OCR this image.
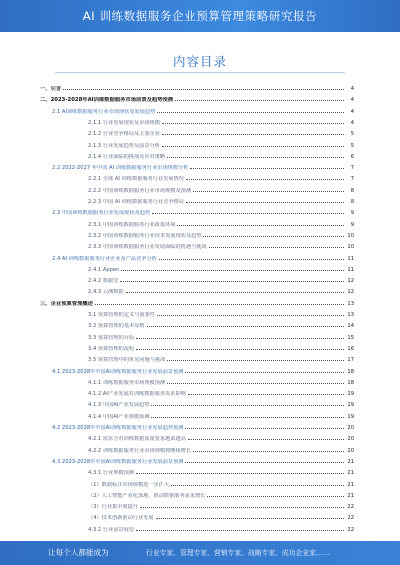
AI 训练数据服务企业预算管理策略研究报告
内容目录
一、引言	4
二、2023-2028年AI训练数据服务市场前景及趋势预测	4
2.1 AI训练数据服务行业市场现状及发展趋势	4
2.1.1 行业发展现状及市场规模	4
2.1.2 行业竞争格局及主要企业	5
2.1.3 行业发展趋势及前景分析	5
2.1.4 行业面临的挑战及应对策略	6
2.2 2022-2027 年中国 AI 训练数据服务行业市场规模分析	7
2.2.1 全球 AI 训练数据服务行业发展情况	7
2.2.2 中国训练数据服务行业市场规模及预测	8
2.2.3 中国 AI 训练数据服务行业竞争格局	8
2.3 中国训练数据服务行业发展现状及趋势	9
2.3.1 中国训练数据服务行业政策环境	9
2.3.2 中国训练数据服务行业技术发展现状及趋势	10
2.3.3 中国训练数据服务行业发展面临的机遇与挑战	10
2.4 AI 训练数据服务行业企业及产品竞争分析	11
2.4.1 Appen	11
2.4.2 数据堂	12
2.4.3 云测数据	12
三、企业预算管理概述	13
3.1 预算管理的定义与重要性	13
3.2 预算管理的基本原则	14
3.3 预算管理的目标	15
3.4 预算管理的流程	16
3.5 预算管理中的常见问题与挑战	17
4.1 2023-2028年中国AI训练数据服务行业发展前景预测	18
4.1.1 训练数据服务市场规模预测	18
4.1.2 AI产业发展对训练数据服务需求影响	19
4.1.3 中国AI产业发展趋势	19
4.1.4 中国AI产业规模预测	19
4.2 2023-2028年中国AI训练数据服务行业发展趋势预测	20
4.2.1 需求方对训练数据质量要求越来越高	20
4.2.2 训练数据服务行业市场规模将继续增长	20
4.3 2023-2028年中国AI训练数据服务行业发展前景预测	21
4.3.1 行业规模预测	21
（1）数据标注市场规模进一步扩大	21
（2）人工智能产业化落地，推动数据服务需求增长	21
（3）行业集中度提升	22
（4）技术创新驱动行业发展	22
4.3.2 行业前景展望	22
让每个人都能成为	行业专家、管理专家、营销专家、战略专家、成功企业家……
